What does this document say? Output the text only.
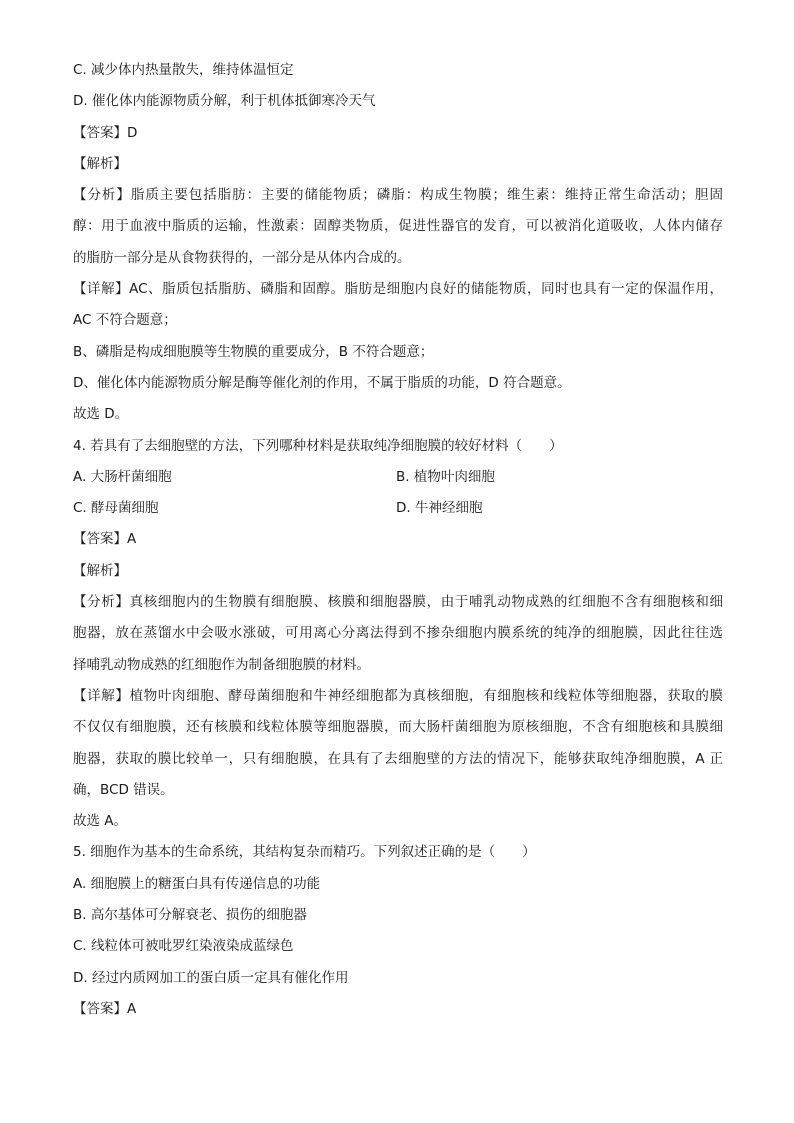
C. 减少体内热量散失，维持体温恒定
D. 催化体内能源物质分解，利于机体抵御寒冷天气
【答案】D
【解析】
【分析】脂质主要包括脂肪：主要的储能物质；磷脂：构成生物膜；维生素：维持正常生命活动；胆固
醇：用于血液中脂质的运输，性激素：固醇类物质，促进性器官的发育，可以被消化道吸收，人体内储存
的脂肪一部分是从食物获得的，一部分是从体内合成的。
【详解】AC、脂质包括脂肪、磷脂和固醇。脂肪是细胞内良好的储能物质，同时也具有一定的保温作用，
AC 不符合题意；
B、磷脂是构成细胞膜等生物膜的重要成分，B 不符合题意；
D、催化体内能源物质分解是酶等催化剂的作用，不属于脂质的功能，D 符合题意。
故选 D。
4. 若具有了去细胞壁的方法，下列哪种材料是获取纯净细胞膜的较好材料（　　）
A. 大肠杆菌细胞	B. 植物叶肉细胞
C. 酵母菌细胞	D. 牛神经细胞
【答案】A
【解析】
【分析】真核细胞内的生物膜有细胞膜、核膜和细胞器膜，由于哺乳动物成熟的红细胞不含有细胞核和细
胞器，放在蒸馏水中会吸水涨破，可用离心分离法得到不掺杂细胞内膜系统的纯净的细胞膜，因此往往选
择哺乳动物成熟的红细胞作为制备细胞膜的材料。
【详解】植物叶肉细胞、酵母菌细胞和牛神经细胞都为真核细胞，有细胞核和线粒体等细胞器，获取的膜
不仅仅有细胞膜，还有核膜和线粒体膜等细胞器膜，而大肠杆菌细胞为原核细胞，不含有细胞核和具膜细
胞器，获取的膜比较单一，只有细胞膜，在具有了去细胞壁的方法的情况下，能够获取纯净细胞膜，A 正
确，BCD 错误。
故选 A。
5. 细胞作为基本的生命系统，其结构复杂而精巧。下列叙述正确的是（　　）
A. 细胞膜上的糖蛋白具有传递信息的功能
B. 高尔基体可分解衰老、损伤的细胞器
C. 线粒体可被吡罗红染液染成蓝绿色
D. 经过内质网加工的蛋白质一定具有催化作用
【答案】A
